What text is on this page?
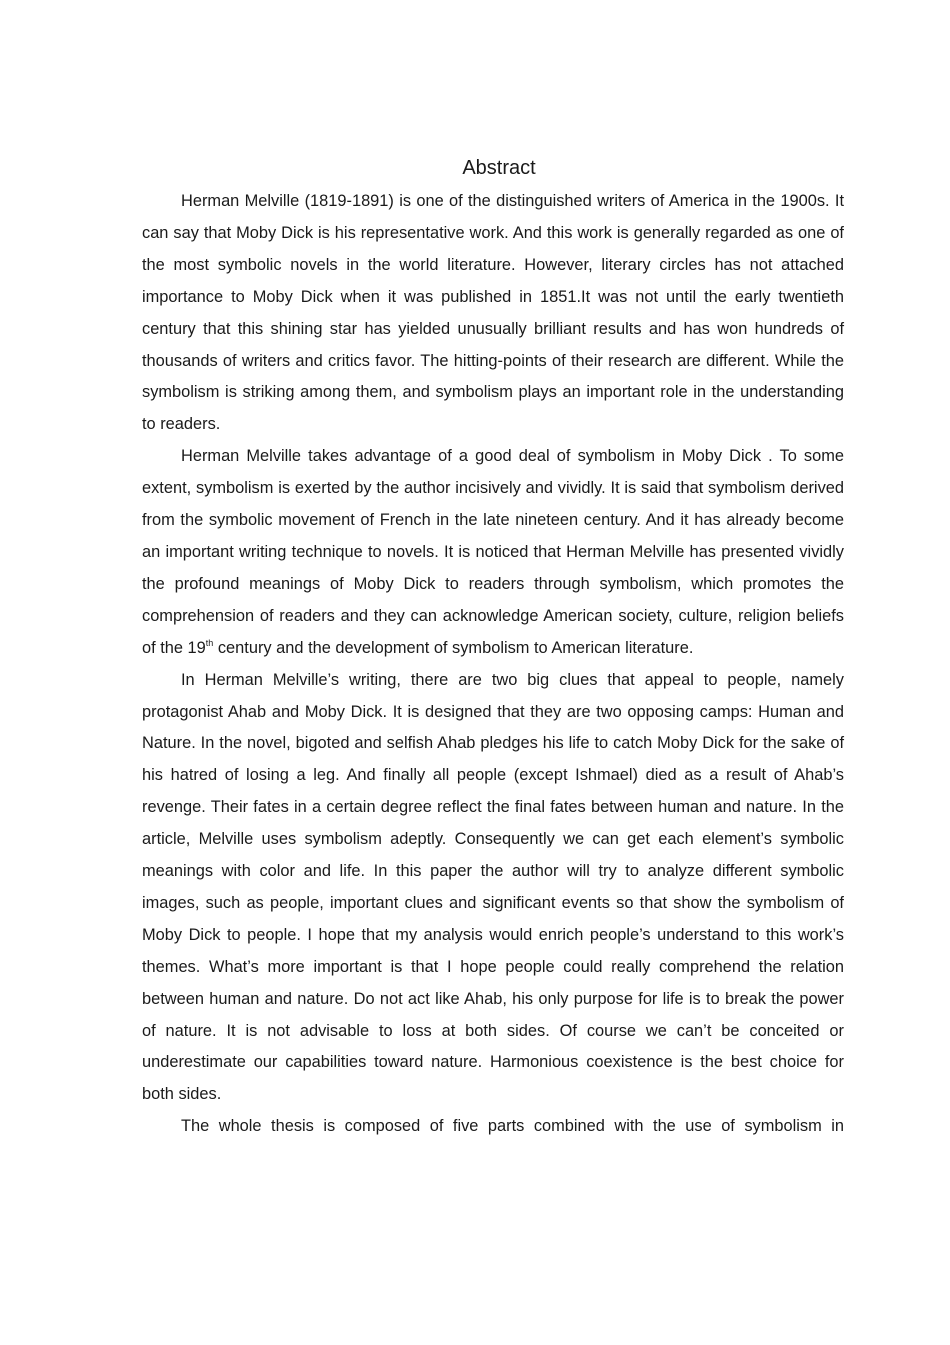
Abstract

Herman Melville (1819-1891) is one of the distinguished writers of America in the 1900s. It can say that Moby Dick is his representative work. And this work is generally regarded as one of the most symbolic novels in the world literature. However, literary circles has not attached importance to Moby Dick when it was published in 1851.It was not until the early twentieth century that this shining star has yielded unusually brilliant results and has won hundreds of thousands of writers and critics favor. The hitting-points of their research are different. While the symbolism is striking among them, and symbolism plays an important role in the understanding to readers.

Herman Melville takes advantage of a good deal of symbolism in Moby Dick . To some extent, symbolism is exerted by the author incisively and vividly. It is said that symbolism derived from the symbolic movement of French in the late nineteen century. And it has already become an important writing technique to novels. It is noticed that Herman Melville has presented vividly the profound meanings of Moby Dick to readers through symbolism, which promotes the comprehension of readers and they can acknowledge American society, culture, religion beliefs of the 19th century and the development of symbolism to American literature.

In Herman Melville’s writing, there are two big clues that appeal to people, namely protagonist Ahab and Moby Dick. It is designed that they are two opposing camps: Human and Nature. In the novel, bigoted and selfish Ahab pledges his life to catch Moby Dick for the sake of his hatred of losing a leg. And finally all people (except Ishmael) died as a result of Ahab’s revenge. Their fates in a certain degree reflect the final fates between human and nature. In the article, Melville uses symbolism adeptly. Consequently we can get each element’s symbolic meanings with color and life. In this paper the author will try to analyze different symbolic images, such as people, important clues and significant events so that show the symbolism of Moby Dick to people. I hope that my analysis would enrich people’s understand to this work’s themes. What’s more important is that I hope people could really comprehend the relation between human and nature. Do not act like Ahab, his only purpose for life is to break the power of nature. It is not advisable to loss at both sides. Of course we can’t be conceited or underestimate our capabilities toward nature. Harmonious coexistence is the best choice for both sides.

The whole thesis is composed of five parts combined with the use of symbolism in
